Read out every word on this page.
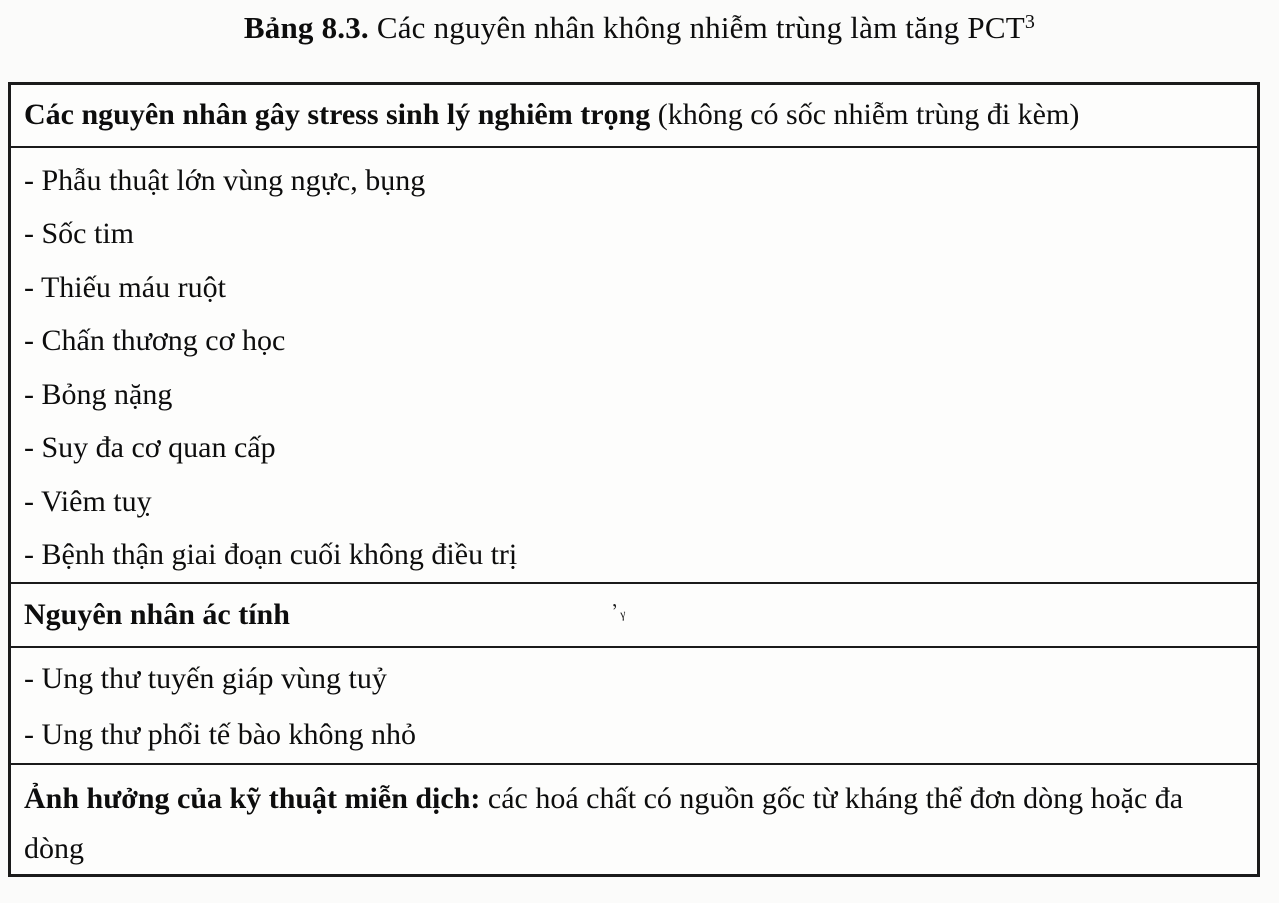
Bảng 8.3. Các nguyên nhân không nhiễm trùng làm tăng PCT$^3$
Các nguyên nhân gây stress sinh lý nghiêm trọng (không có sốc nhiễm trùng đi kèm)
- Phẫu thuật lớn vùng ngực, bụng
- Sốc tim
- Thiếu máu ruột
- Chấn thương cơ học
- Bỏng nặng
- Suy đa cơ quan cấp
- Viêm tuỵ
- Bệnh thận giai đoạn cuối không điều trị
Nguyên nhân ác tính	’ᵧ
- Ung thư tuyến giáp vùng tuỷ
- Ung thư phổi tế bào không nhỏ
Ảnh hưởng của kỹ thuật miễn dịch: các hoá chất có nguồn gốc từ kháng thể đơn dòng hoặc đa dòng
